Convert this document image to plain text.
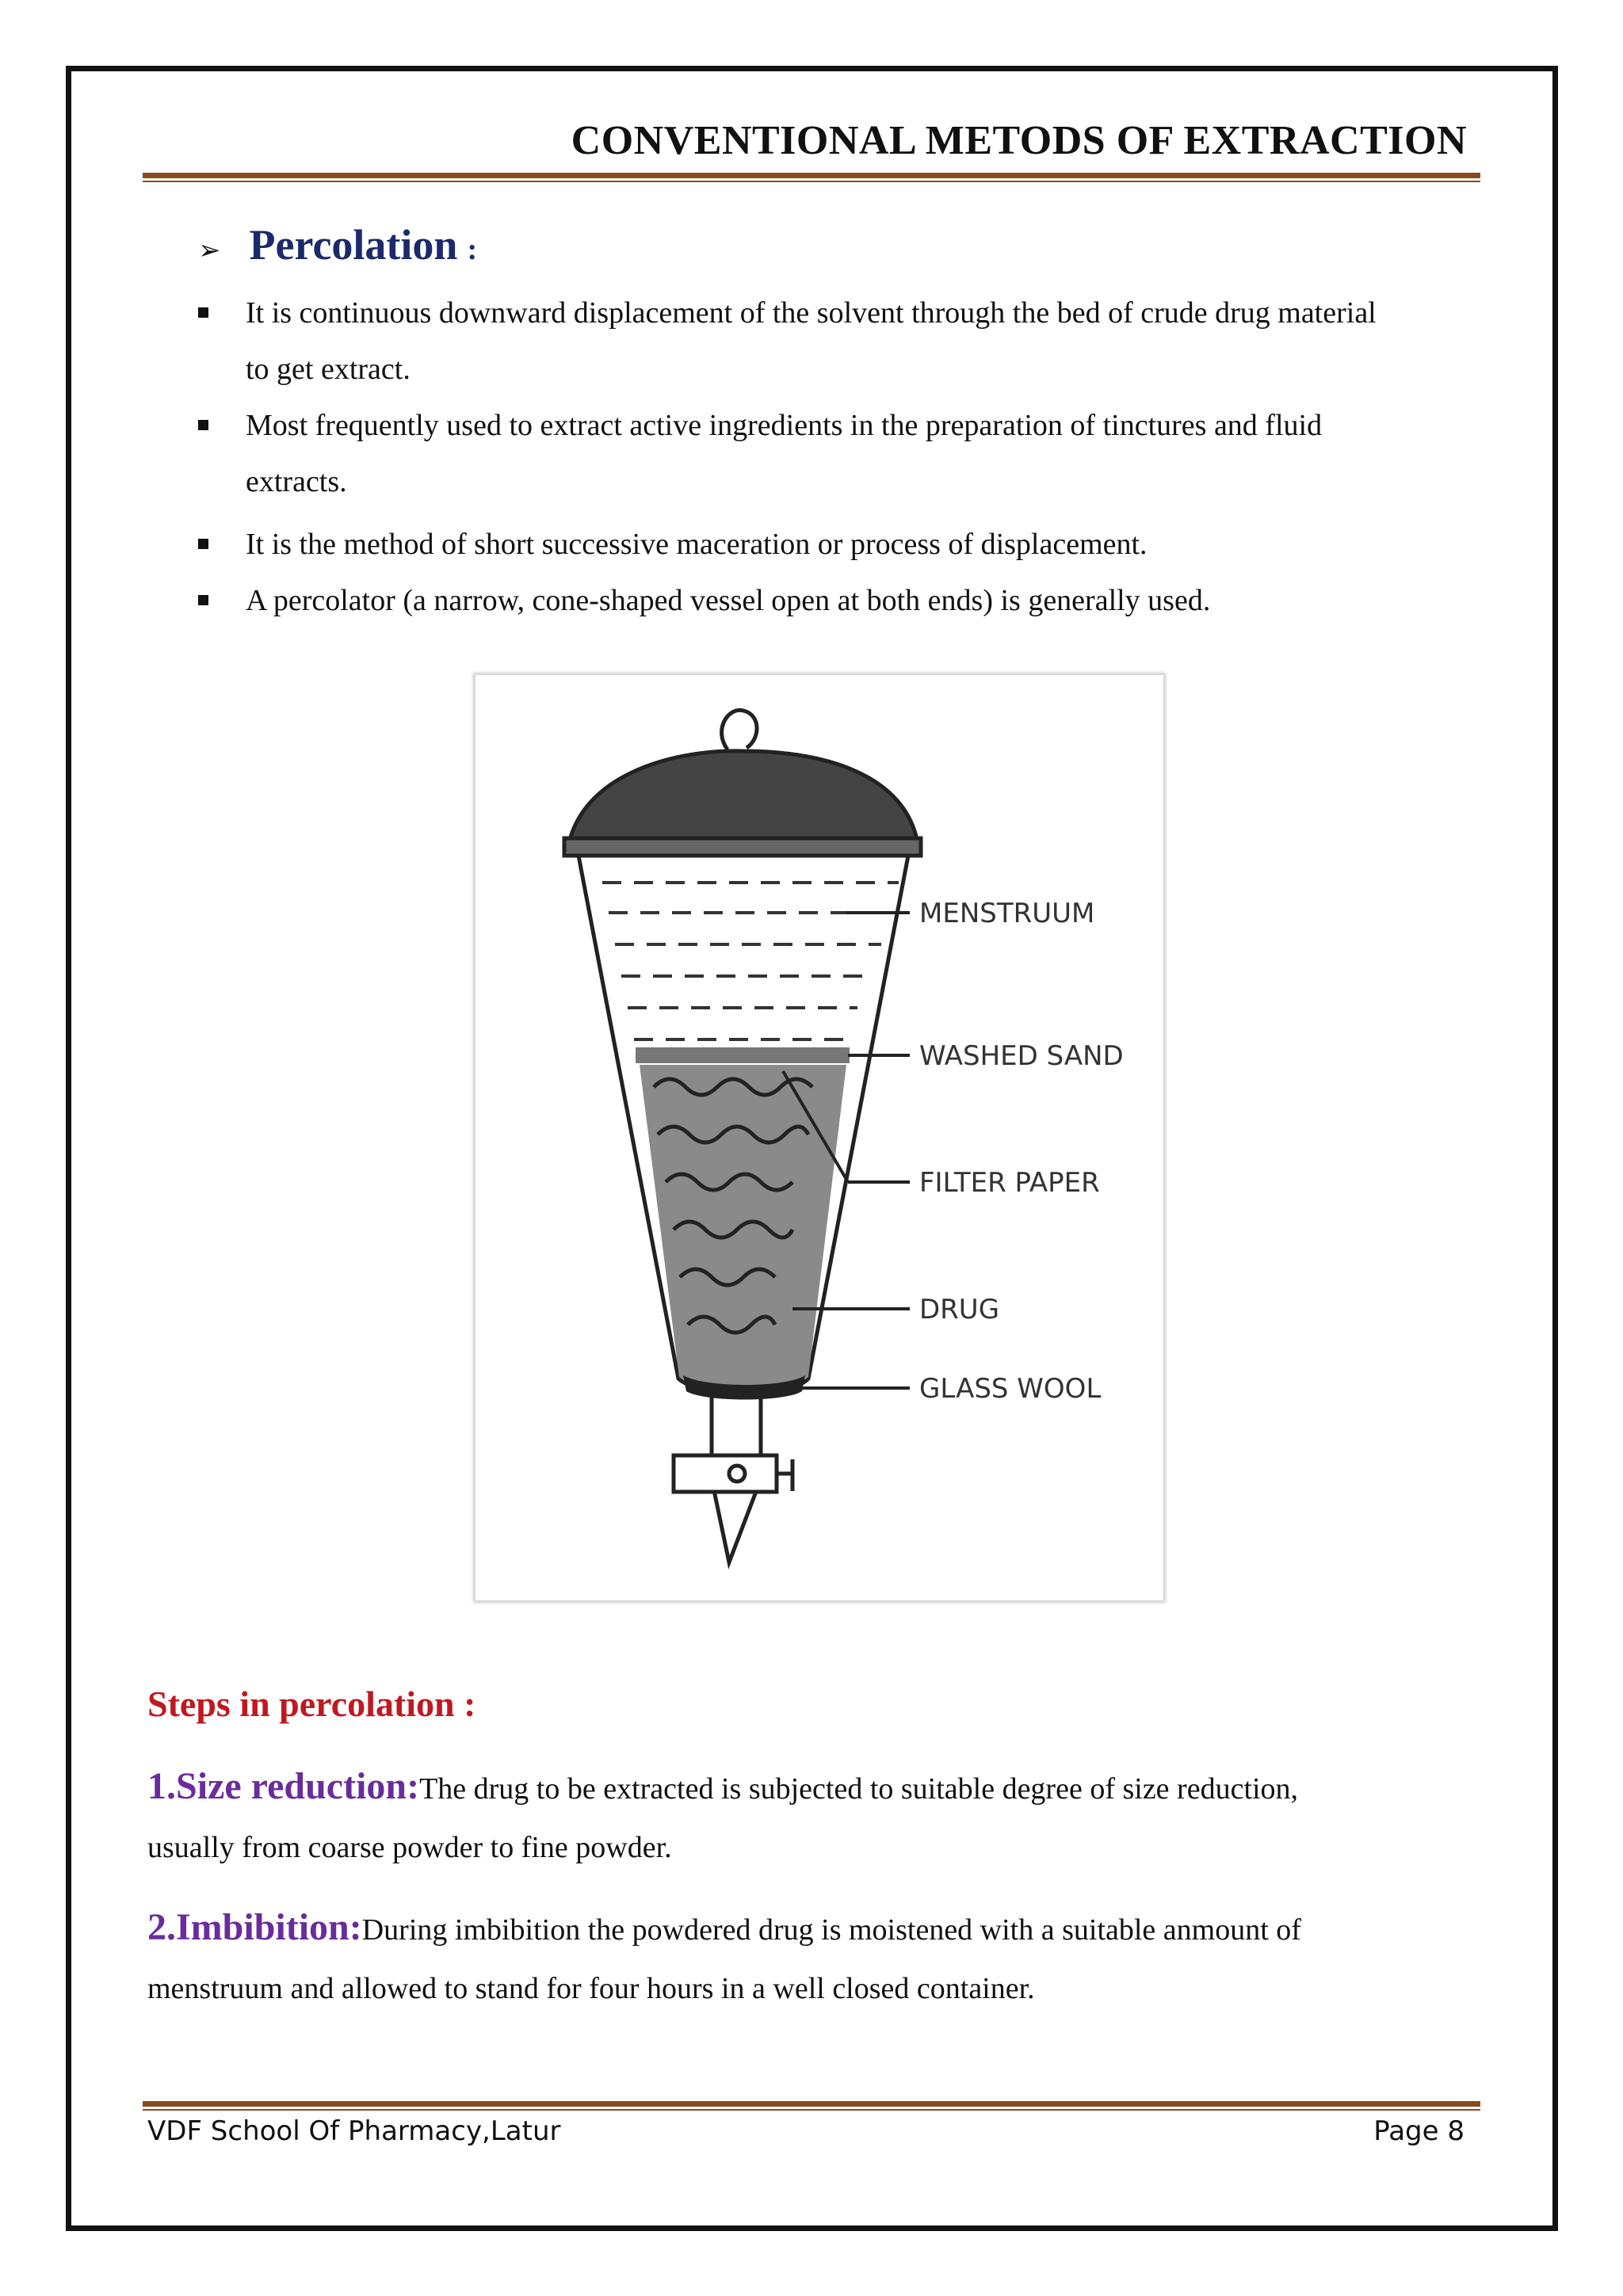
CONVENTIONAL METODS OF EXTRACTION
➢ Percolation :
It is continuous downward displacement of the solvent through the bed of crude drug material
to get extract.
Most frequently used to extract active ingredients in the preparation of tinctures and fluid
extracts.
It is the method of short successive maceration or process of displacement.
A percolator (a narrow, cone-shaped vessel open at both ends) is generally used.
MENSTRUUM
WASHED SAND
FILTER PAPER
DRUG
GLASS WOOL
Steps in percolation :
1.Size reduction:The drug to be extracted is subjected to suitable degree of size reduction,
usually from coarse powder to fine powder.
2.Imbibition:During imbibition the powdered drug is moistened with a suitable anmount of
menstruum and allowed to stand for four hours in a well closed container.
VDF School Of Pharmacy,Latur	Page 8
